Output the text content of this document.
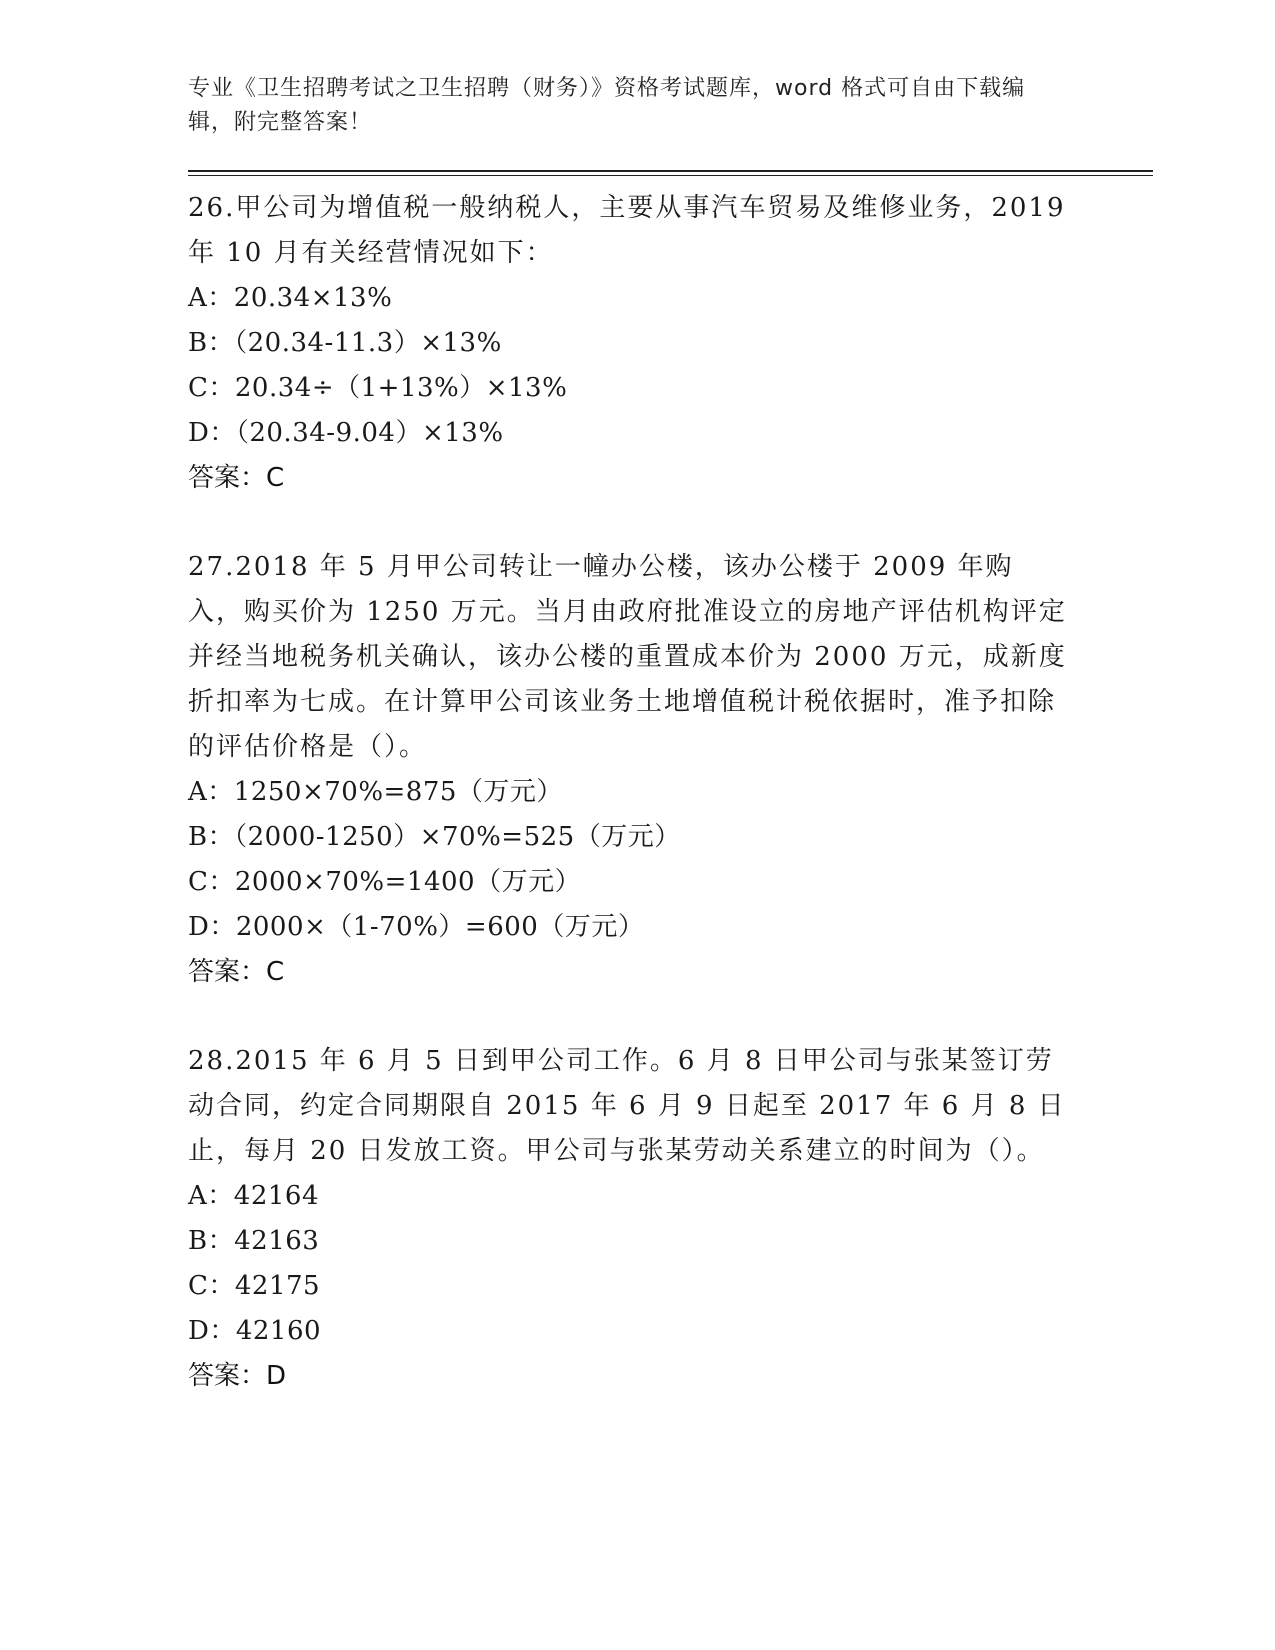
专业《卫生招聘考试之卫生招聘（财务）》资格考试题库，word 格式可自由下载编辑，附完整答案！
26.甲公司为增值税一般纳税人，主要从事汽车贸易及维修业务，2019 年 10 月有关经营情况如下：
A：20.34×13%
B：（20.34-11.3）×13%
C：20.34÷（1+13%）×13%
D：（20.34-9.04）×13%
答案：C
27.2018 年 5 月甲公司转让一幢办公楼，该办公楼于 2009 年购入，购买价为 1250 万元。当月由政府批准设立的房地产评估机构评定并经当地税务机关确认，该办公楼的重置成本价为 2000 万元，成新度折扣率为七成。在计算甲公司该业务土地增值税计税依据时，准予扣除的评估价格是（）。
A：1250×70%=875（万元）
B：（2000-1250）×70%=525（万元）
C：2000×70%=1400（万元）
D：2000×（1-70%）=600（万元）
答案：C
28.2015 年 6 月 5 日到甲公司工作。6 月 8 日甲公司与张某签订劳动合同，约定合同期限自 2015 年 6 月 9 日起至 2017 年 6 月 8 日止，每月 20 日发放工资。甲公司与张某劳动关系建立的时间为（）。
A：42164
B：42163
C：42175
D：42160
答案：D
